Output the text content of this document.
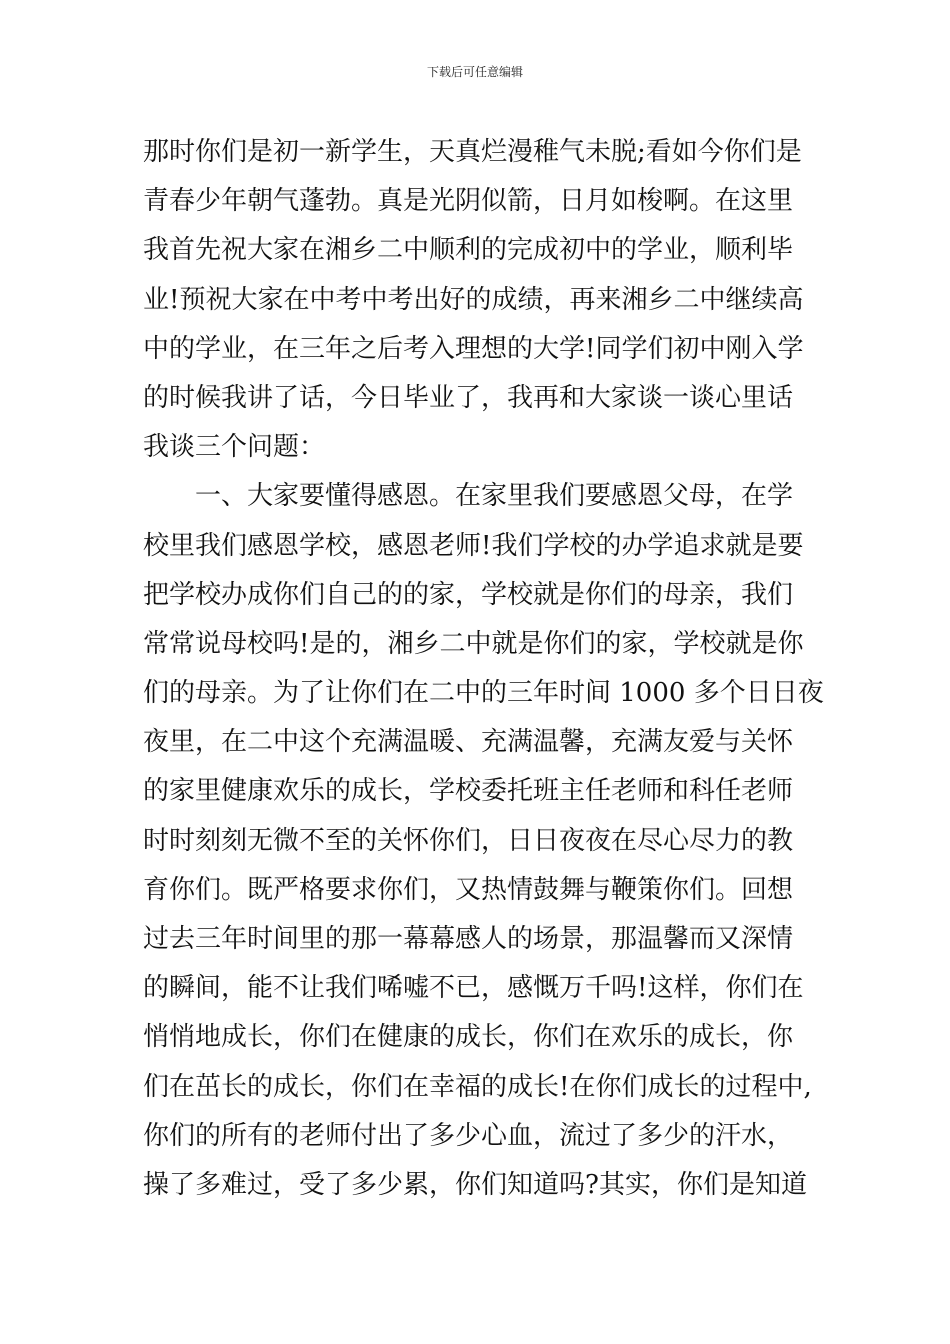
下载后可任意编辑
那时你们是初一新学生，天真烂漫稚气未脱;看如今你们是
青春少年朝气蓬勃。真是光阴似箭，日月如梭啊。在这里
我首先祝大家在湘乡二中顺利的完成初中的学业，顺利毕
业!预祝大家在中考中考出好的成绩，再来湘乡二中继续高
中的学业，在三年之后考入理想的大学!同学们初中刚入学
的时候我讲了话，今日毕业了，我再和大家谈一谈心里话
我谈三个问题：
　　一、大家要懂得感恩。在家里我们要感恩父母，在学
校里我们感恩学校，感恩老师!我们学校的办学追求就是要
把学校办成你们自己的的家，学校就是你们的母亲，我们
常常说母校吗!是的，湘乡二中就是你们的家，学校就是你
们的母亲。为了让你们在二中的三年时间 1000 多个日日夜
夜里，在二中这个充满温暖、充满温馨，充满友爱与关怀
的家里健康欢乐的成长，学校委托班主任老师和科任老师
时时刻刻无微不至的关怀你们，日日夜夜在尽心尽力的教
育你们。既严格要求你们，又热情鼓舞与鞭策你们。回想
过去三年时间里的那一幕幕感人的场景，那温馨而又深情
的瞬间，能不让我们唏嘘不已，感慨万千吗!这样，你们在
悄悄地成长，你们在健康的成长，你们在欢乐的成长，你
们在茁长的成长，你们在幸福的成长!在你们成长的过程中,
你们的所有的老师付出了多少心血，流过了多少的汗水，
操了多难过，受了多少累，你们知道吗?其实，你们是知道
